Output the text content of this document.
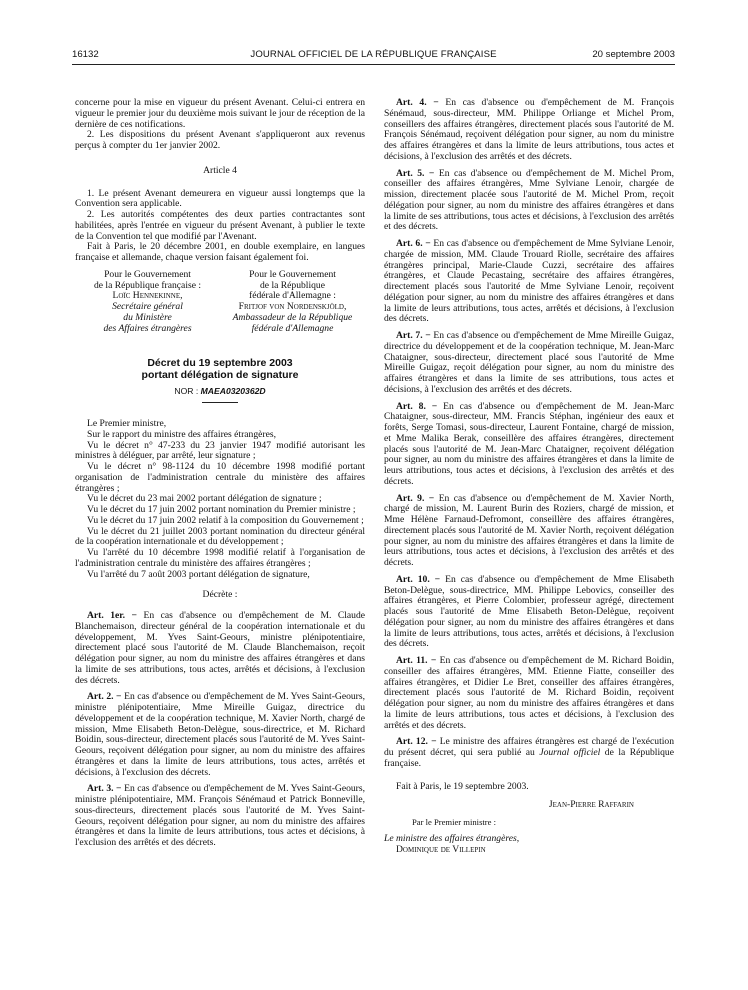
16132	JOURNAL OFFICIEL DE LA RÉPUBLIQUE FRANÇAISE	20 septembre 2003

concerne pour la mise en vigueur du présent Avenant. Celui-ci entrera en vigueur le premier jour du deuxième mois suivant le jour de réception de la dernière de ces notifications.

2. Les dispositions du présent Avenant s'appliqueront aux revenus perçus à compter du 1er janvier 2002.

Article 4

1. Le présent Avenant demeurera en vigueur aussi longtemps que la Convention sera applicable.

2. Les autorités compétentes des deux parties contractantes sont habilitées, après l'entrée en vigueur du présent Avenant, à publier le texte de la Convention tel que modifié par l'Avenant.

Fait à Paris, le 20 décembre 2001, en double exemplaire, en langues française et allemande, chaque version faisant également foi.

Pour le Gouvernement
de la République française :
Loïc Hennekinne,
Secrétaire général
du Ministère
des Affaires étrangères
Pour le Gouvernement
de la République
fédérale d'Allemagne :
Fritjof von Nordenskjöld,
Ambassadeur de la République
fédérale d'Allemagne
Décret du 19 septembre 2003
portant délégation de signature
NOR : MAEA0320362D

Le Premier ministre,

Sur le rapport du ministre des affaires étrangères,

Vu le décret n° 47-233 du 23 janvier 1947 modifié autorisant les ministres à déléguer, par arrêté, leur signature ;

Vu le décret n° 98-1124 du 10 décembre 1998 modifié portant organisation de l'administration centrale du ministère des affaires étrangères ;

Vu le décret du 23 mai 2002 portant délégation de signature ;

Vu le décret du 17 juin 2002 portant nomination du Premier ministre ;

Vu le décret du 17 juin 2002 relatif à la composition du Gouvernement ;

Vu le décret du 21 juillet 2003 portant nomination du directeur général de la coopération internationale et du développement ;

Vu l'arrêté du 10 décembre 1998 modifié relatif à l'organisation de l'administration centrale du ministère des affaires étrangères ;

Vu l'arrêté du 7 août 2003 portant délégation de signature,

Décrète :

Art. 1er. − En cas d'absence ou d'empêchement de M. Claude Blanchemaison, directeur général de la coopération internationale et du développement, M. Yves Saint-Geours, ministre plénipotentiaire, directement placé sous l'autorité de M. Claude Blanchemaison, reçoit délégation pour signer, au nom du ministre des affaires étrangères et dans la limite de ses attributions, tous actes, arrêtés et décisions, à l'exclusion des décrets.

Art. 2. − En cas d'absence ou d'empêchement de M. Yves Saint-Geours, ministre plénipotentiaire, Mme Mireille Guigaz, directrice du développement et de la coopération technique, M. Xavier North, chargé de mission, Mme Elisabeth Beton-Delègue, sous-directrice, et M. Richard Boidin, sous-directeur, directement placés sous l'autorité de M. Yves Saint-Geours, reçoivent délégation pour signer, au nom du ministre des affaires étrangères et dans la limite de leurs attributions, tous actes, arrêtés et décisions, à l'exclusion des décrets.

Art. 3. − En cas d'absence ou d'empêchement de M. Yves Saint-Geours, ministre plénipotentiaire, MM. François Sénémaud et Patrick Bonneville, sous-directeurs, directement placés sous l'autorité de M. Yves Saint-Geours, reçoivent délégation pour signer, au nom du ministre des affaires étrangères et dans la limite de leurs attributions, tous actes et décisions, à l'exclusion des arrêtés et des décrets.

Art. 4. − En cas d'absence ou d'empêchement de M. François Sénémaud, sous-directeur, MM. Philippe Orliange et Michel Prom, conseillers des affaires étrangères, directement placés sous l'autorité de M. François Sénémaud, reçoivent délégation pour signer, au nom du ministre des affaires étrangères et dans la limite de leurs attributions, tous actes et décisions, à l'exclusion des arrêtés et des décrets.

Art. 5. − En cas d'absence ou d'empêchement de M. Michel Prom, conseiller des affaires étrangères, Mme Sylviane Lenoir, chargée de mission, directement placée sous l'autorité de M. Michel Prom, reçoit délégation pour signer, au nom du ministre des affaires étrangères et dans la limite de ses attributions, tous actes et décisions, à l'exclusion des arrêtés et des décrets.

Art. 6. − En cas d'absence ou d'empêchement de Mme Sylviane Lenoir, chargée de mission, MM. Claude Trouard Riolle, secrétaire des affaires étrangères principal, Marie-Claude Cuzzi, secrétaire des affaires étrangères, et Claude Pecastaing, secrétaire des affaires étrangères, directement placés sous l'autorité de Mme Sylviane Lenoir, reçoivent délégation pour signer, au nom du ministre des affaires étrangères et dans la limite de leurs attributions, tous actes, arrêtés et décisions, à l'exclusion des décrets.

Art. 7. − En cas d'absence ou d'empêchement de Mme Mireille Guigaz, directrice du développement et de la coopération technique, M. Jean-Marc Chataigner, sous-directeur, directement placé sous l'autorité de Mme Mireille Guigaz, reçoit délégation pour signer, au nom du ministre des affaires étrangères et dans la limite de ses attributions, tous actes et décisions, à l'exclusion des arrêtés et des décrets.

Art. 8. − En cas d'absence ou d'empêchement de M. Jean-Marc Chataigner, sous-directeur, MM. Francis Stéphan, ingénieur des eaux et forêts, Serge Tomasi, sous-directeur, Laurent Fontaine, chargé de mission, et Mme Malika Berak, conseillère des affaires étrangères, directement placés sous l'autorité de M. Jean-Marc Chataigner, reçoivent délégation pour signer, au nom du ministre des affaires étrangères et dans la limite de leurs attributions, tous actes et décisions, à l'exclusion des arrêtés et des décrets.

Art. 9. − En cas d'absence ou d'empêchement de M. Xavier North, chargé de mission, M. Laurent Burin des Roziers, chargé de mission, et Mme Hélène Farnaud-Defromont, conseillère des affaires étrangères, directement placés sous l'autorité de M. Xavier North, reçoivent délégation pour signer, au nom du ministre des affaires étrangères et dans la limite de leurs attributions, tous actes et décisions, à l'exclusion des arrêtés et des décrets.

Art. 10. − En cas d'absence ou d'empêchement de Mme Elisabeth Beton-Delègue, sous-directrice, MM. Philippe Lebovics, conseiller des affaires étrangères, et Pierre Colombier, professeur agrégé, directement placés sous l'autorité de Mme Elisabeth Beton-Delègue, reçoivent délégation pour signer, au nom du ministre des affaires étrangères et dans la limite de leurs attributions, tous actes, arrêtés et décisions, à l'exclusion des décrets.

Art. 11. − En cas d'absence ou d'empêchement de M. Richard Boidin, conseiller des affaires étrangères, MM. Etienne Fiatte, conseiller des affaires étrangères, et Didier Le Bret, conseiller des affaires étrangères, directement placés sous l'autorité de M. Richard Boidin, reçoivent délégation pour signer, au nom du ministre des affaires étrangères et dans la limite de leurs attributions, tous actes et décisions, à l'exclusion des arrêtés et des décrets.

Art. 12. − Le ministre des affaires étrangères est chargé de l'exécution du présent décret, qui sera publié au Journal officiel de la République française.

Fait à Paris, le 19 septembre 2003.

Jean-Pierre Raffarin

Par le Premier ministre :

Le ministre des affaires étrangères,

Dominique de Villepin
